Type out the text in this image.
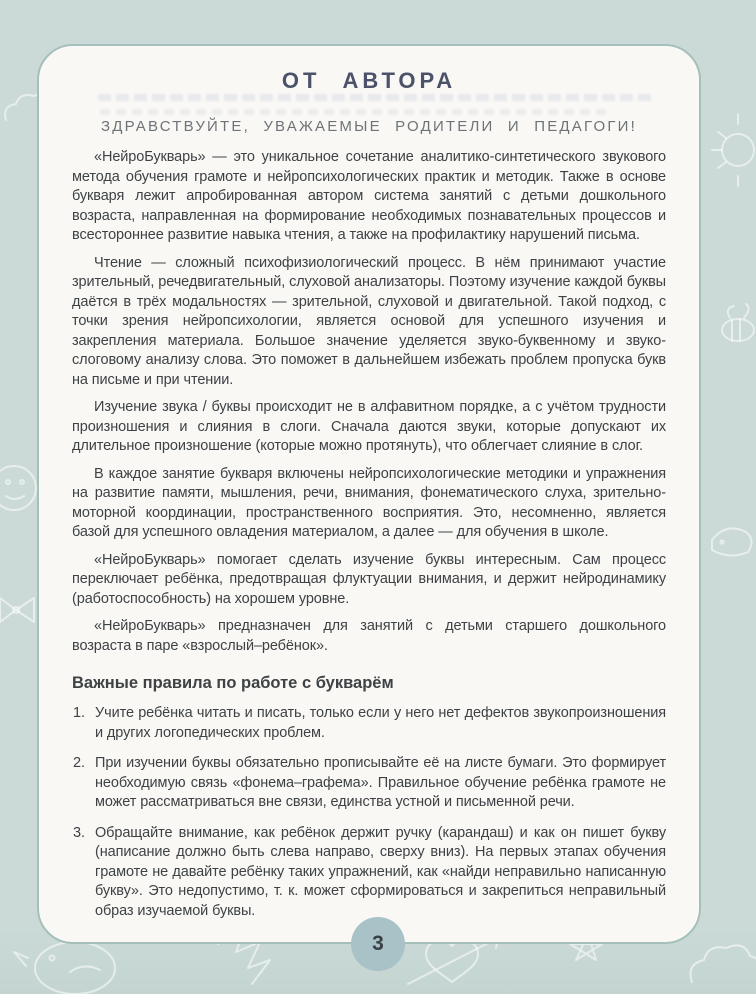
ОТ АВТОРА
ЗДРАВСТВУЙТЕ, УВАЖАЕМЫЕ РОДИТЕЛИ И ПЕДАГОГИ!

«НейроБукварь» — это уникальное сочетание аналитико-синтетического звукового метода обучения грамоте и нейропсихологических практик и методик. Также в основе букваря лежит апробированная автором система занятий с детьми дошкольного возраста, направленная на формирование необходимых познавательных процессов и всестороннее развитие навыка чтения, а также на профилактику нарушений письма.

Чтение — сложный психофизиологический процесс. В нём принимают участие зрительный, речедвигательный, слуховой анализаторы. Поэтому изучение каждой буквы даётся в трёх модальностях — зрительной, слуховой и двигательной. Такой подход, с точки зрения нейропсихологии, является основой для успешного изучения и закрепления материала. Большое значение уделяется звуко-буквенному и звуко-слоговому анализу слова. Это поможет в дальнейшем избежать проблем пропуска букв на письме и при чтении.

Изучение звука / буквы происходит не в алфавитном порядке, а с учётом трудности произношения и слияния в слоги. Сначала даются звуки, которые допускают их длительное произношение (которые можно протянуть), что облегчает слияние в слог.

В каждое занятие букваря включены нейропсихологические методики и упражнения на развитие памяти, мышления, речи, внимания, фонематического слуха, зрительно-моторной координации, пространственного восприятия. Это, несомненно, является базой для успешного овладения материалом, а далее — для обучения в школе.

«НейроБукварь» помогает сделать изучение буквы интересным. Сам процесс переключает ребёнка, предотвращая флуктуации внимания, и держит нейродинамику (работоспособность) на хорошем уровне.

«НейроБукварь» предназначен для занятий с детьми старшего дошкольного возраста в паре «взрослый–ребёнок».

Важные правила по работе с букварём
1. Учите ребёнка читать и писать, только если у него нет дефектов звукопроизношения и других логопедических проблем.
2. При изучении буквы обязательно прописывайте её на листе бумаги. Это формирует необходимую связь «фонема–графема». Правильное обучение ребёнка грамоте не может рассматриваться вне связи, единства устной и письменной речи.
3. Обращайте внимание, как ребёнок держит ручку (карандаш) и как он пишет букву (написание должно быть слева направо, сверху вниз). На первых этапах обучения грамоте не давайте ребёнку таких упражнений, как «найди неправильно написанную букву». Это недопустимо, т. к. может сформироваться и закрепиться неправильный образ изучаемой буквы.
3
